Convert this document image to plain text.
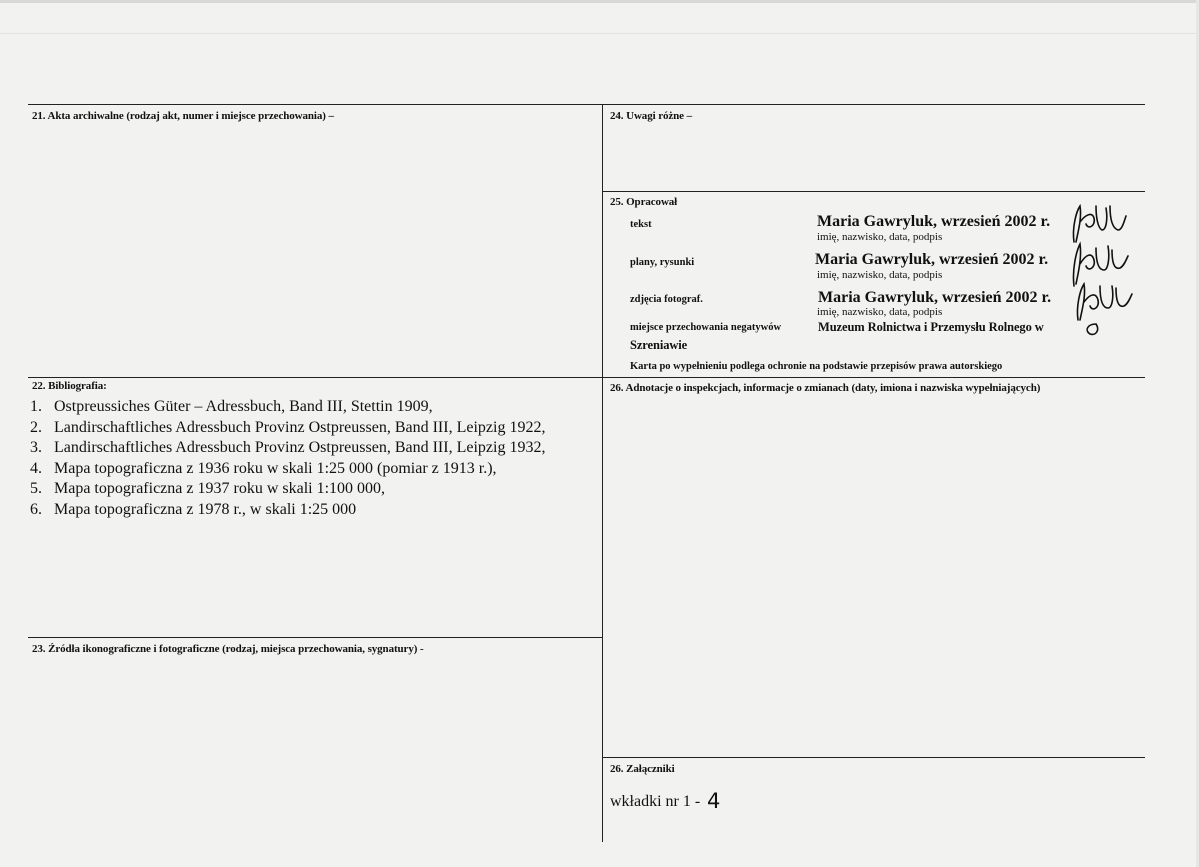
21. Akta archiwalne (rodzaj akt, numer i miejsce przechowania) –
22. Bibliografia:
1. Ostpreussiches Güter – Adressbuch, Band III, Stettin 1909,
2. Landirschaftliches Adressbuch Provinz Ostpreussen, Band III, Leipzig 1922,
3. Landirschaftliches Adressbuch Provinz Ostpreussen, Band III, Leipzig 1932,
4. Mapa topograficzna z 1936 roku w skali 1:25 000 (pomiar z 1913 r.),
5. Mapa topograficzna z 1937 roku w skali 1:100 000,
6. Mapa topograficzna z 1978 r., w skali 1:25 000
23. Źródła ikonograficzne i fotograficzne (rodzaj, miejsca przechowania, sygnatury) -
24. Uwagi różne –
25. Opracował
tekst	Maria Gawryluk, wrzesień 2002 r.
imię, nazwisko, data, podpis
plany, rysunki	Maria Gawryluk, wrzesień 2002 r.
imię, nazwisko, data, podpis
zdjęcia fotograf.	Maria Gawryluk, wrzesień 2002 r.
imię, nazwisko, data, podpis
miejsce przechowania negatywów	Muzeum Rolnictwa i Przemysłu Rolnego w
Szreniawie
Karta po wypełnieniu podlega ochronie na podstawie przepisów prawa autorskiego
26. Adnotacje o inspekcjach, informacje o zmianach (daty, imiona i nazwiska wypełniających)
26. Załączniki
wkładki nr 1 - 4
